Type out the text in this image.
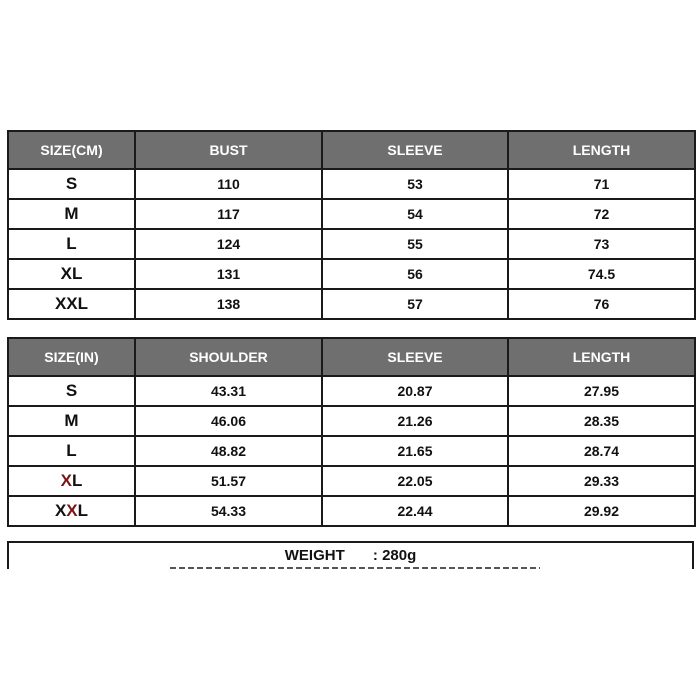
SIZE(CM)	BUST	SLEEVE	LENGTH
S	110	53	71
M	117	54	72
L	124	55	73
XL	131	56	74.5
XXL	138	57	76
SIZE(IN)	SHOULDER	SLEEVE	LENGTH
S	43.31	20.87	27.95
M	46.06	21.26	28.35
L	48.82	21.65	28.74
XL	51.57	22.05	29.33
XXL	54.33	22.44	29.92
WEIGHT : 280g
